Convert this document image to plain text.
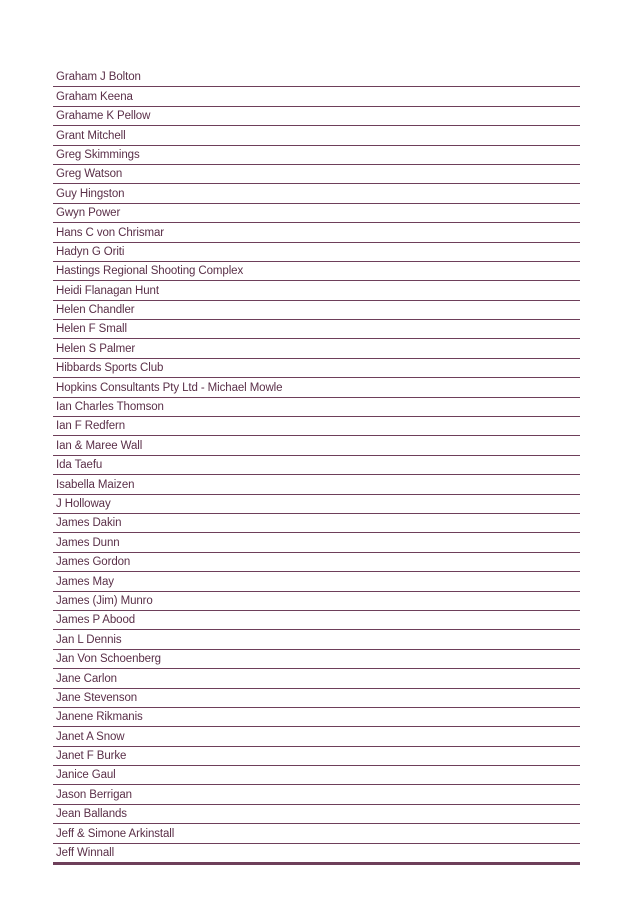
Graham J Bolton
Graham Keena
Grahame K Pellow
Grant Mitchell
Greg Skimmings
Greg Watson
Guy Hingston
Gwyn Power
Hans C von Chrismar
Hadyn G Oriti
Hastings Regional Shooting Complex
Heidi Flanagan Hunt
Helen Chandler
Helen F Small
Helen S Palmer
Hibbards Sports Club
Hopkins Consultants Pty Ltd - Michael Mowle
Ian Charles Thomson
Ian F Redfern
Ian & Maree Wall
Ida Taefu
Isabella Maizen
J Holloway
James Dakin
James Dunn
James Gordon
James May
James (Jim) Munro
James P Abood
Jan L Dennis
Jan Von Schoenberg
Jane Carlon
Jane Stevenson
Janene Rikmanis
Janet A Snow
Janet F Burke
Janice Gaul
Jason Berrigan
Jean Ballands
Jeff & Simone Arkinstall
Jeff Winnall
